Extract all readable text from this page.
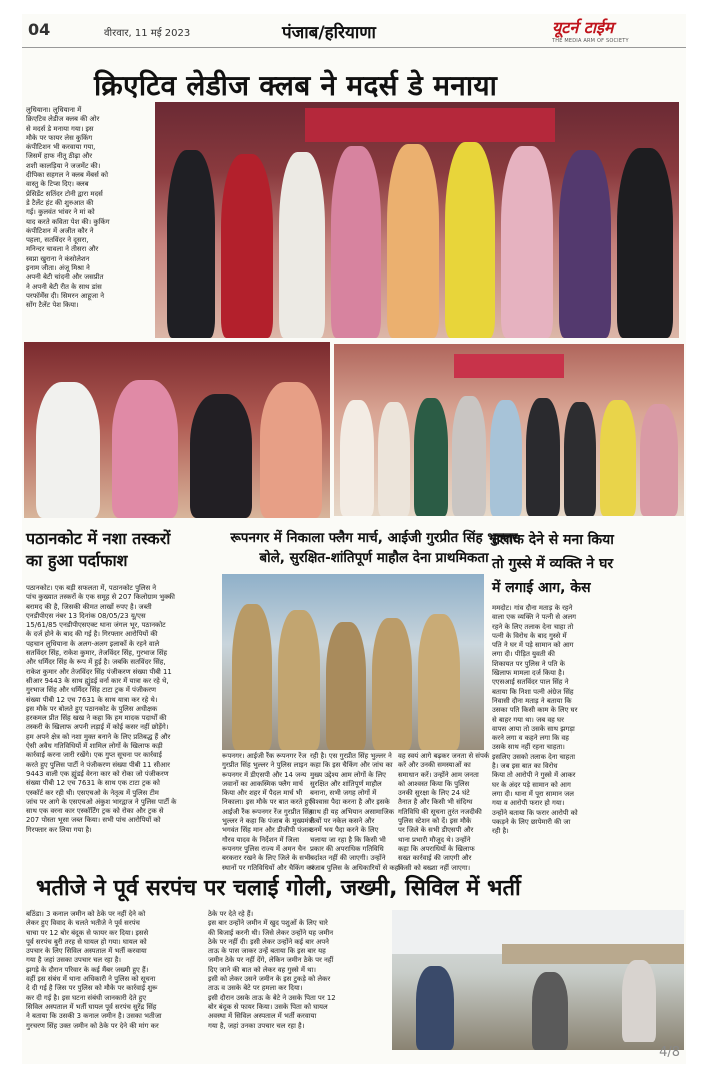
04	वीरवार, 11 मई 2023	पंजाब/हरियाणा	यूटर्न टाईम
THE MEDIA ARM OF SOCIETY
क्रिएटिव लेडीज क्लब ने मदर्स डे मनाया
लुधियाना। लुधियाना में
क्रिएटिव लेडीज क्लब की ओर
से मदर्स डे मनाया गया। इस
मौके पर फायर लेस कुकिंग
कंपीटिशन भी करवाया गया,
जिसमें हाफ नीतू ठीढ़ा और
शशी कालड़िया ने जजमेंट की।
दीपिका सहगल ने क्लब मेंबर्स को
वास्तु के टिप्स दिए। क्लब
प्रेसिडेंट सतिंदर टोनी द्वारा मदर्स
डे टैलेंट हंट की शुरुआत की
गई। कुलवंत भांवर ने मां को
याद करते कविता पेश की। कुकिंग
कंपीटिशन में अजीत कौर ने
पहला, सतविंदर ने दूसरा,
मनिन्दर चावला ने तीसरा और
स्वप्ना खुराना ने कंसोलेशन
इनाम जीता। अंजू मिश्रा ने
अपनी बेटी चांदनी और जसप्रीत
ने अपनी बेटी रीत के साथ डांस
परफॉर्मेंस दी। सिमरन आहूजा ने
सोंग टैलेंट पेश किया।
पठानकोट में नशा तस्करों
का हुआ पर्दाफाश
पठानकोट। एक बड़ी सफलता में, पठानकोट पुलिस ने
पांच कुख्यात तस्करों के एक समूह से 207 किलोग्राम भुक्की
बरामद की है, जिसकी कीमत लाखों रुपए है। जब्ती
एनडीपीएस नंबर 13 दिनांक 08/05/23 यू/एस
15/61/85 एनडीपीएसएक्ट थाना जंगल भूर, पठानकोट
के दर्ज होने के बाद की गई है। गिरफ्तार आरोपियों की
पहचान लुधियाना के अलग-अलग इलाकों के रहने वाले
सतविंदर सिंह, राकेश कुमार, तेजविंदर सिंह, गुरभाज सिंह
और धर्मिंदर सिंह के रूप में हुई है। जबकि सतविंदर सिंह,
राकेश कुमार और तेजविंदर सिंह पंजीकरण संख्या पीबी 11
सीआर 9443 के साथ ह्युंडई वर्ना कार में यात्रा कर रहे थे,
गुरभाज सिंह और धर्मिंदर सिंह टाटा ट्रक में पंजीकरण
संख्या पीबी 12 एच 7631 के साथ यात्रा कर रहे थे।
इस मौके पर बोलते हुए पठानकोट के पुलिस अधीक्षक
हरकमल प्रीत सिंह खख ने कहा कि हम मादक पदार्थों की
तस्करी के खिलाफ अपनी लड़ाई में कोई कसर नहीं छोड़ेंगे।
हम अपने क्षेत्र को नशा मुक्त बनाने के लिए प्रतिबद्ध हैं और
ऐसी अवैध गतिविधियों में शामिल लोगों के खिलाफ कड़ी
कार्रवाई करना जारी रखेंगे। एक गुप्त सूचना पर कार्रवाई
करते हुए पुलिस पार्टी ने पंजीकरण संख्या पीबी 11 सीआर
9443 वाली एक ह्युंडई वेरना कार को रोका जो पंजीकरण
संख्या पीबी 12 एच 7631 के साथ एक टाटा ट्रक को
एस्कॉर्ट कर रही थी। एसएचओ के नेतृत्व में पुलिस टीम
जांच पर आगे के एसएचओ अंकुश भारद्वाज ने पुलिस पार्टी के
साथ एक वरना कार एस्कॉर्टिंग ट्रक को रोका और ट्रक से
207 पोस्ता भूसा जब्त किया। सभी पांच आरोपियों को
गिरफ्तार कर लिया गया है।
रूपनगर में निकाला फ्लैग मार्च, आईजी गुरप्रीत सिंह भुल्लर
बोले, सुरक्षित-शांतिपूर्ण माहौल देना प्राथमिकता
रूपनगर। आईजी रैंक रूपनगर रेंज
गुरप्रीत सिंह भुल्लर ने पुलिस लाइन
रूपनगर में डीएसपी और 14 जन्य
जवानों का आकस्मिक फ्लैग मार्च
किया और शहर में पैदल मार्च भी
निकाला। इस मौके पर बात करते हुए
आईजी रैंक रूपनगर रेंज गुरप्रीत सिंह
भुल्लर ने कहा कि पंजाब के मुख्यमंत्री
भगवंत सिंह मान और डीजीपी पंजाब
गौरव यादव के निर्देशन में जिला
रूपनगर पुलिस राज्य में अमन चैन
बरकरार रखने के लिए जिले के सभी
स्थानों पर गतिविधियों और चैकिंग कर
रही है। एस गुरप्रीत सिंह भुल्लर ने
कहा कि इस चैकिंग और जांच का
मुख्य उद्देश्य आम लोगों के लिए
सुरक्षित और शांतिपूर्ण माहौल
बनाना, सभी जगह लोगों में
विश्वास पैदा करना है और इसके
साथ ही यह अभियान असामाजिक
तत्वों पर नकेल कसने और
उनमें भय पैदा करने के लिए
चलाया जा रहा है कि किसी भी
प्रकार की अपराधिक गतिविधि
बर्दाश्त नहीं की जाएगी। उन्होंने
पंजाब पुलिस के अधिकारियों से कहा
वह स्वयं आगे बढ़कर जनता से संपर्क
करें और उनकी समस्याओं का
समाधान करें। उन्होंने आम जनता
को आश्वस्त किया कि पुलिस
उनकी सुरक्षा के लिए 24 घंटे
तैनात है और किसी भी संदिग्ध
गतिविधि की सूचना तुरंत नजदीकी
पुलिस स्टेशन को दें। इस मौके
पर जिले के सभी डीएसपी और
थाना प्रभारी मौजूद थे। उन्होंने
कहा कि अपराधियों के खिलाफ
सख्त कार्रवाई की जाएगी और
किसी को बख्शा नहीं जाएगा।
तलाक देने से मना किया
तो गुस्से में व्यक्ति ने घर
में लगाई आग, केस
ममदोट। गांव दौना मताड़ के रहने
वाला एक व्यक्ति ने पत्नी से अलग
रहने के लिए तलाक देना चाहा तो
पत्नी के विरोध के बाद गुस्से में
पति ने घर में पड़े सामान को आग
लगा दी। पीड़ित युवती की
शिकायत पर पुलिस ने पति के
खिलाफ मामला दर्ज किया है।
एएसआई सतविंदर पाल सिंह ने
बताया कि निशा पत्नी अंग्रेज सिंह
निवासी दौना मताड़ ने बताया कि
उसका पति किसी काम के लिए घर
से बाहर गया था। जब वह घर
वापस आया तो उसके साथ झगड़ा
करने लगा व कहने लगा कि वह
उसके साथ नहीं रहना चाहता।
इसलिए उसको तलाक देना चाहता
है। जब इस बात का विरोध
किया तो आरोपी ने गुस्से में आकर
घर के अंदर पड़े सामान को आग
लगा दी। थाना में पूरा सामान जल
गया व आरोपी फरार हो गया।
उन्होंने बताया कि फरार आरोपी को
पकड़ने के लिए छापेमारी की जा
रही है।
भतीजे ने पूर्व सरपंच पर चलाई गोली, जख्मी, सिविल में भर्ती
बठिंडा। 3 कनाल जमीन को ठेके पर नहीं देने को
लेकर हुए विवाद के चलते भतीजे ने पूर्व सरपंच
चाचा पर 12 बोर बंदूक से फायर कर दिया। इससे
पूर्व सरपंच बुरी तरह से घायल हो गया। घायल को
उपचार के लिए सिविल अस्पताल में भर्ती करवाया
गया है जहां उसका उपचार चल रहा है।
झगड़े के दौरान परिवार के कई मैंबर जख्मी हुए हैं।
वहीं इस संबंध में थाना अधिकारी ने पुलिस को सूचना
दे दी गई है जिस पर पुलिस को मौके पर कार्रवाई शुरू
कर दी गई है। इस घटना संबंधी जानकारी देते हुए
सिविल अस्पताल में भर्ती घायल पूर्व सरपंच सुरेंद्र सिंह
ने बताया कि उसकी 3 कनाल जमीन है। उसका भतीजा
गुरचरण सिंह उक्त जमीन को ठेके पर देने की मांग कर
ठेके पर देते रहे हैं।
इस बार उन्होंने जमीन में खुद पशुओं के लिए चारे
की बिजाई करनी थी। जिसे लेकर उन्होंने यह जमीन
ठेके पर नहीं दी। इसी लेकर उन्होंने कई बार अपने
ताऊ के पास जाकर उन्हें बताया कि इस बार यह
जमीन ठेके पर नहीं देंगे, लेकिन जमीन ठेके पर नहीं
दिए जाने की बात को लेकर वह गुस्से में था।
इसी को लेकर उसने जमीन के इस टुकड़े को लेकर
ताऊ व उसके बेटे पर हमला कर दिया।
इसी दौरान उसके ताऊ के बेटे ने उसके पिता पर 12
बोर बंदूक से फायर किया। उसके पिता को घायल
अवस्था में सिविल अस्पताल में भर्ती करवाया
गया है, जहां उनका उपचार चल रहा है।
4/8
